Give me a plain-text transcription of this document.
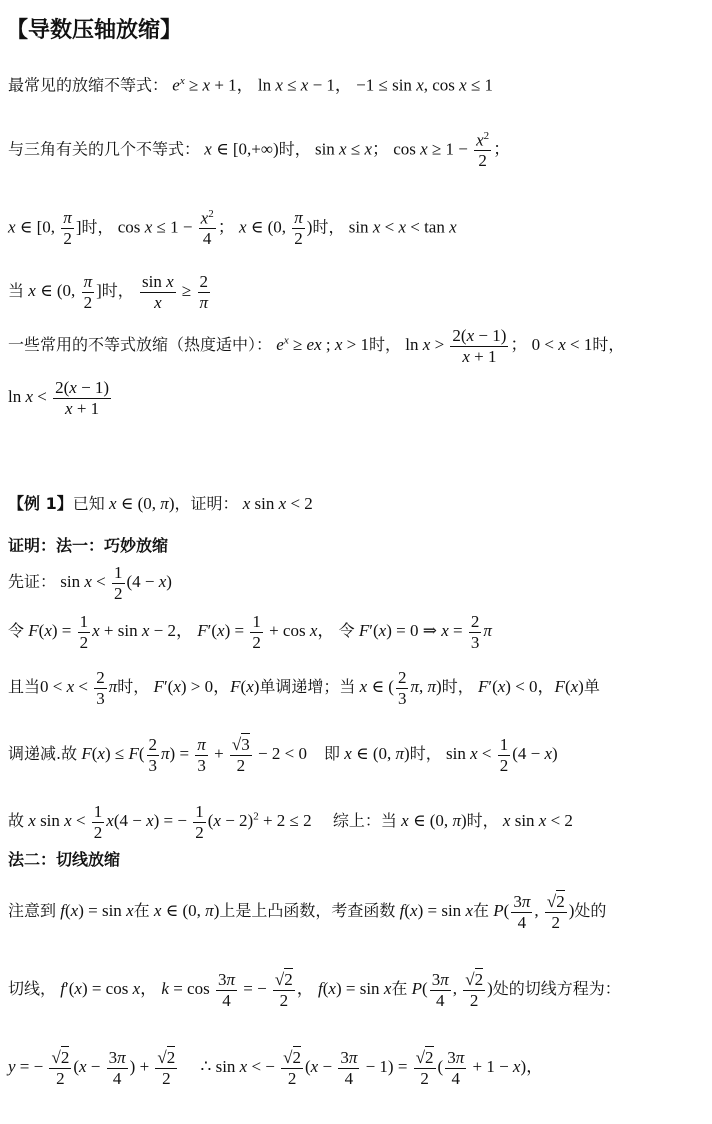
【导数压轴放缩】
最常见的放缩不等式： $e^x \ge x + 1$， ln x ≤ x − 1， −1 ≤ sin x, cos x ≤ 1
与三角有关的几个不等式： x ∈ [0,+∞)时， sin x ≤ x； $\cos x \ge 1 - \frac{x^2}{2}$ ；
x ∈ [0, $\frac{\pi}{2}$ ]时， $\cos x \le 1 - \frac{x^2}{4}$ ； x ∈ (0, $\frac{\pi}{2}$ )时， sin x < x < tan x
当 x ∈ (0, $\frac{\pi}{2}$ ]时， $\frac{\text{sin x}}{x} \ge \frac{2}{\pi}$
一些常用的不等式放缩（热度适中）： $e^x$ ≥ ex ; x > 1时， $\ln x > \frac{2(x - 1)}{x + 1}$ ； 0 < x < 1时，
$\ln x < \frac{2(x - 1)}{x + 1}$
【例 1】已知 x ∈ (0, π)，证明： x sin x < 2
证明：法一：巧妙放缩
先证： $\sin x < \frac{1}{2} (4 - x)$
令 $F(x) = \frac{1}{2}$ x + sin x − 2， $F'(x) = \frac{1}{2} + \cos x$， 令 F′(x) = 0 ⇒ $x = \frac{2}{3}$ π
且当$0 < x < \frac{2}{3}$ π时， F′(x) > 0，F(x)单调递增；当 x ∈ ( $\frac{2}{3} \pi$, π)时， F′(x) < 0，F(x)单
调递减.故 $F(x) \le F( \frac{2}{3} \pi) = \frac{\pi}{3} + \frac{√3}{2} - 2 < 0$    即 x ∈ (0, π)时， $\sin x < \frac{1}{2} (4 - x)$
故 x $\sin x < \frac{1}{2} x(4 - x)$ = − $\frac{1}{2} (x - 2)^2 + 2 \le 2$     综上：当 x ∈ (0, π)时， x sin x < 2
法二：切线放缩
注意到 f(x) = sin x在 x ∈ (0, π)上是上凸函数，考查函数 f(x) = sin x在 $P( \frac{3\pi}{4}$ , $\frac{√2}{2}$ )处的
切线， f′(x) = cos x， $k = \cos \frac{3\pi}{4}$ = − $\frac{√2}{2}$ ， f(x) = sin x在 $P( \frac{3\pi}{4}$ , $\frac{√2}{2}$ )处的切线方程为：
y = − $\frac{√2}{2} (x - \frac{3\pi}{4}$ ) + $\frac{√2}{2}$ ∴ sin x < − $\frac{√2}{2} (x - \frac{3\pi}{4} - 1) = \frac{√2}{2}$ ( $\frac{3\pi}{4} + 1 - x$)，
